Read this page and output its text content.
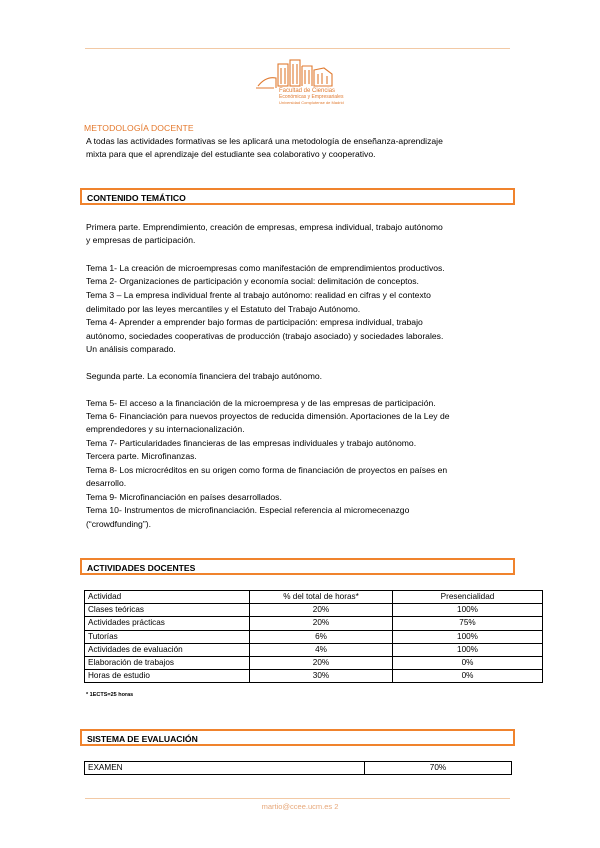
Facultad de Ciencias
Económicas y Empresariales
Universidad Complutense de Madrid
METODOLOGÍA DOCENTE
A todas las actividades formativas se les aplicará una metodología de enseñanza-aprendizaje
mixta para que el aprendizaje del estudiante sea colaborativo y cooperativo.
CONTENIDO TEMÁTICO
Primera parte. Emprendimiento, creación de empresas, empresa individual, trabajo autónomo
y empresas de participación.
Tema 1- La creación de microempresas como manifestación de emprendimientos productivos.
Tema 2- Organizaciones de participación y economía social: delimitación de conceptos.
Tema 3 – La empresa individual frente al trabajo autónomo: realidad en cifras y el contexto
delimitado por las leyes mercantiles y el Estatuto del Trabajo Autónomo.
Tema 4- Aprender a emprender bajo formas de participación: empresa individual, trabajo
autónomo, sociedades cooperativas de producción (trabajo asociado) y sociedades laborales.
Un análisis comparado.
Segunda parte. La economía financiera del trabajo autónomo.
Tema 5- El acceso a la financiación de la microempresa y de las empresas de participación.
Tema 6- Financiación para nuevos proyectos de reducida dimensión. Aportaciones de la Ley de
emprendedores y su internacionalización.
Tema 7- Particularidades financieras de las empresas individuales y trabajo autónomo.
Tercera parte. Microfinanzas.
Tema 8- Los microcréditos en su origen como forma de financiación de proyectos en países en
desarrollo.
Tema 9- Microfinanciación en países desarrollados.
Tema 10- Instrumentos de microfinanciación. Especial referencia al micromecenazgo
(“crowdfunding”).
ACTIVIDADES DOCENTES
Actividad	% del total de horas*	Presencialidad
Clases teóricas	20%	100%
Actividades prácticas	20%	75%
Tutorías	6%	100%
Actividades de evaluación	4%	100%
Elaboración de trabajos	20%	0%
Horas de estudio	30%	0%
* 1ECTS=25 horas
SISTEMA DE EVALUACIÓN
EXAMEN	70%
martio@ccee.ucm.es 2
